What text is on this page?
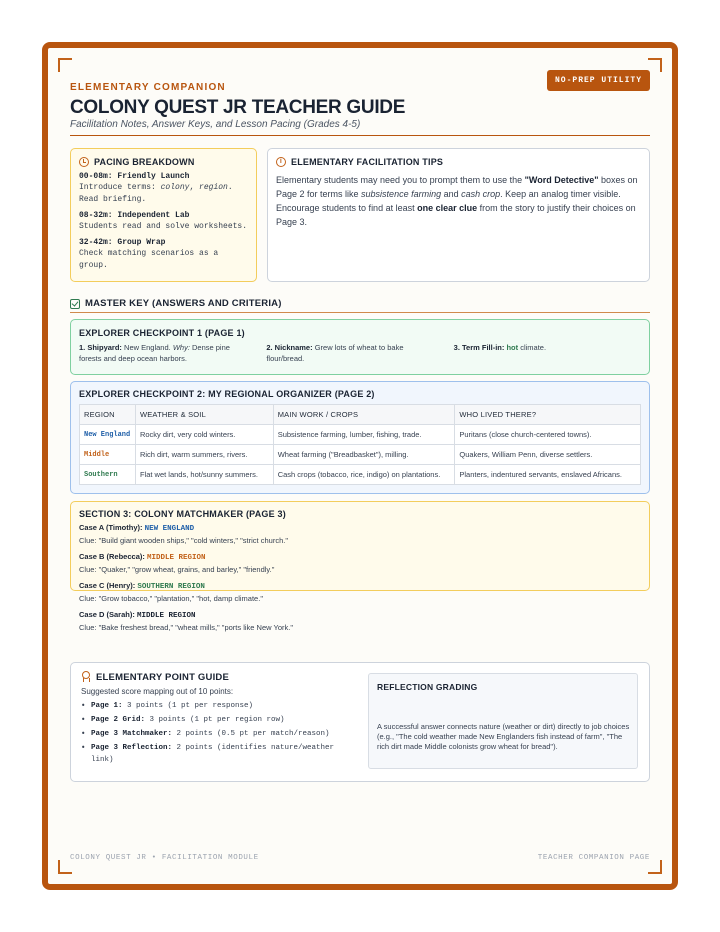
ELEMENTARY COMPANION
NO-PREP UTILITY
COLONY QUEST JR TEACHER GUIDE
Facilitation Notes, Answer Keys, and Lesson Pacing (Grades 4-5)
PACING BREAKDOWN
00-08m: Friendly Launch
Introduce terms: colony, region. Read briefing.
08-32m: Independent Lab
Students read and solve worksheets.
32-42m: Group Wrap
Check matching scenarios as a group.
i ELEMENTARY FACILITATION TIPS
Elementary students may need you to prompt them to use the "Word Detective" boxes on Page 2 for terms like subsistence farming and cash crop. Keep an analog timer visible. Encourage students to find at least one clear clue from the story to justify their choices on Page 3.
MASTER KEY (ANSWERS AND CRITERIA)
EXPLORER CHECKPOINT 1 (PAGE 1)
1. Shipyard: New England. Why: Dense pine forests and deep ocean harbors.
2. Nickname: Grew lots of wheat to bake flour/bread.
3. Term Fill-in: hot climate.
EXPLORER CHECKPOINT 2: MY REGIONAL ORGANIZER (PAGE 2)
REGION	WEATHER & SOIL	MAIN WORK / CROPS	WHO LIVED THERE?
New England	Rocky dirt, very cold winters.	Subsistence farming, lumber, fishing, trade.	Puritans (close church-centered towns).
Middle	Rich dirt, warm summers, rivers.	Wheat farming ("Breadbasket"), milling.	Quakers, William Penn, diverse settlers.
Southern	Flat wet lands, hot/sunny summers.	Cash crops (tobacco, rice, indigo) on plantations.	Planters, indentured servants, enslaved Africans.
SECTION 3: COLONY MATCHMAKER (PAGE 3)
Case A (Timothy): NEW ENGLAND
Clue: "Build giant wooden ships," "cold winters," "strict church."
Case B (Rebecca): MIDDLE REGION
Clue: "Quaker," "grow wheat, grains, and barley," "friendly."
Case C (Henry): SOUTHERN REGION
Clue: "Grow tobacco," "plantation," "hot, damp climate."
Case D (Sarah): MIDDLE REGION
Clue: "Bake freshest bread," "wheat mills," "ports like New York."
ELEMENTARY POINT GUIDE
Suggested score mapping out of 10 points:
• Page 1: 3 points (1 pt per response)
• Page 2 Grid: 3 points (1 pt per region row)
• Page 3 Matchmaker: 2 points (0.5 pt per match/reason)
• Page 3 Reflection: 2 points (identifies nature/weather link)
REFLECTION GRADING
A successful answer connects nature (weather or dirt) directly to job choices (e.g., "The cold weather made New Englanders fish instead of farm", "The rich dirt made Middle colonists grow wheat for bread").
COLONY QUEST JR • FACILITATION MODULE	TEACHER COMPANION PAGE
